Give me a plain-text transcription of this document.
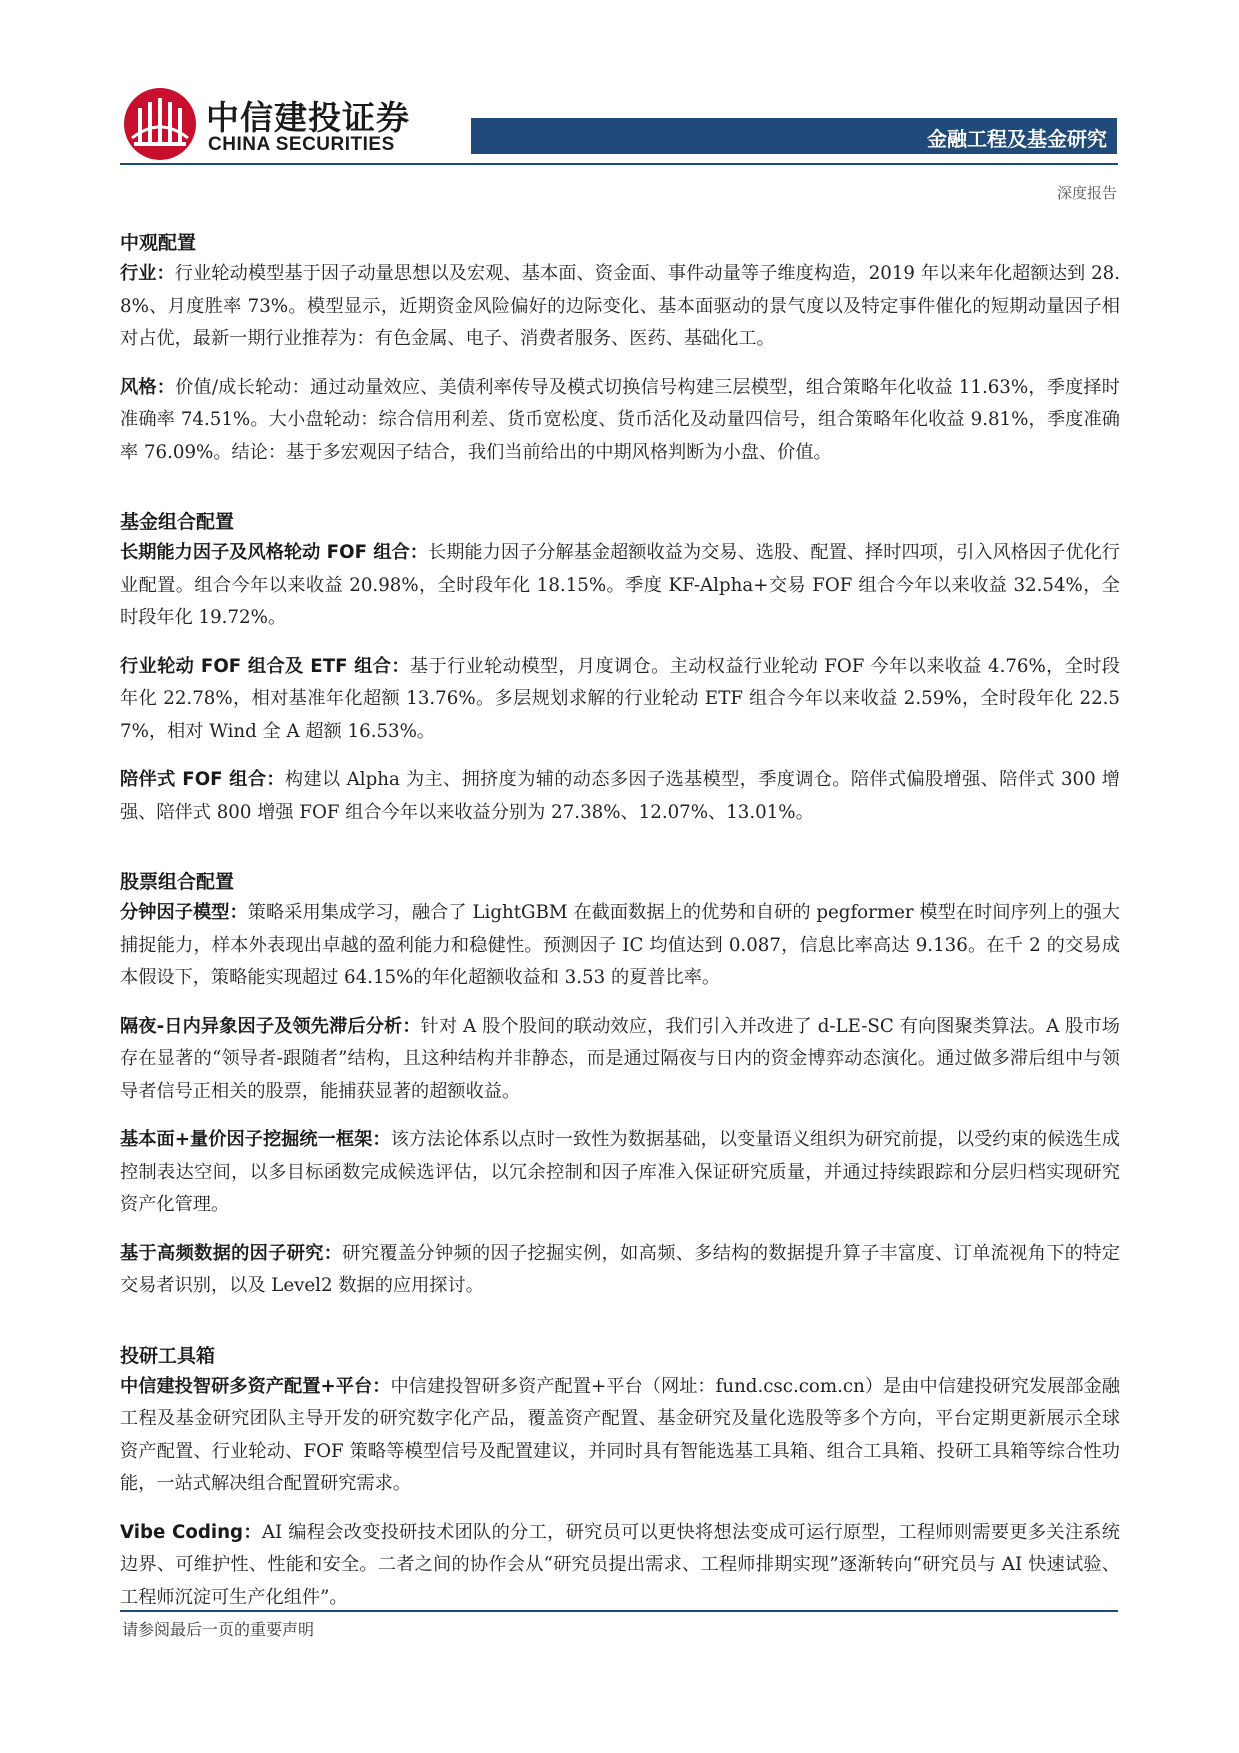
中信建投证券
CHINA SECURITIES	金融工程及基金研究
深度报告
中观配置

行业：行业轮动模型基于因子动量思想以及宏观、基本面、资金面、事件动量等子维度构造，2019 年以来年化超额达到 28.8%、月度胜率 73%。模型显示，近期资金风险偏好的边际变化、基本面驱动的景气度以及特定事件催化的短期动量因子相对占优，最新一期行业推荐为：有色金属、电子、消费者服务、医药、基础化工。

风格：价值/成长轮动：通过动量效应、美债利率传导及模式切换信号构建三层模型，组合策略年化收益 11.63%，季度择时准确率 74.51%。大小盘轮动：综合信用利差、货币宽松度、货币活化及动量四信号，组合策略年化收益 9.81%，季度准确率 76.09%。结论：基于多宏观因子结合，我们当前给出的中期风格判断为小盘、价值。

基金组合配置

长期能力因子及风格轮动 FOF 组合：长期能力因子分解基金超额收益为交易、选股、配置、择时四项，引入风格因子优化行业配置。组合今年以来收益 20.98%，全时段年化 18.15%。季度 KF-Alpha+交易 FOF 组合今年以来收益 32.54%，全时段年化 19.72%。

行业轮动 FOF 组合及 ETF 组合：基于行业轮动模型，月度调仓。主动权益行业轮动 FOF 今年以来收益 4.76%，全时段年化 22.78%，相对基准年化超额 13.76%。多层规划求解的行业轮动 ETF 组合今年以来收益 2.59%，全时段年化 22.57%，相对 Wind 全 A 超额 16.53%。

陪伴式 FOF 组合：构建以 Alpha 为主、拥挤度为辅的动态多因子选基模型，季度调仓。陪伴式偏股增强、陪伴式 300 增强、陪伴式 800 增强 FOF 组合今年以来收益分别为 27.38%、12.07%、13.01%。

股票组合配置

分钟因子模型：策略采用集成学习，融合了 LightGBM 在截面数据上的优势和自研的 pegformer 模型在时间序列上的强大捕捉能力，样本外表现出卓越的盈利能力和稳健性。预测因子 IC 均值达到 0.087，信息比率高达 9.136。在千 2 的交易成本假设下，策略能实现超过 64.15%的年化超额收益和 3.53 的夏普比率。

隔夜-日内异象因子及领先滞后分析：针对 A 股个股间的联动效应，我们引入并改进了 d-LE-SC 有向图聚类算法。A 股市场存在显著的“领导者-跟随者”结构，且这种结构并非静态，而是通过隔夜与日内的资金博弈动态演化。通过做多滞后组中与领导者信号正相关的股票，能捕获显著的超额收益。

基本面+量价因子挖掘统一框架：该方法论体系以点时一致性为数据基础，以变量语义组织为研究前提，以受约束的候选生成控制表达空间，以多目标函数完成候选评估，以冗余控制和因子库准入保证研究质量，并通过持续跟踪和分层归档实现研究资产化管理。

基于高频数据的因子研究：研究覆盖分钟频的因子挖掘实例，如高频、多结构的数据提升算子丰富度、订单流视角下的特定交易者识别，以及 Level2 数据的应用探讨。

投研工具箱

中信建投智研多资产配置+平台：中信建投智研多资产配置+平台（网址：fund.csc.com.cn）是由中信建投研究发展部金融工程及基金研究团队主导开发的研究数字化产品，覆盖资产配置、基金研究及量化选股等多个方向，平台定期更新展示全球资产配置、行业轮动、FOF 策略等模型信号及配置建议，并同时具有智能选基工具箱、组合工具箱、投研工具箱等综合性功能，一站式解决组合配置研究需求。

Vibe Coding：AI 编程会改变投研技术团队的分工，研究员可以更快将想法变成可运行原型，工程师则需要更多关注系统边界、可维护性、性能和安全。二者之间的协作会从“研究员提出需求、工程师排期实现”逐渐转向“研究员与 AI 快速试验、工程师沉淀可生产化组件”。

请参阅最后一页的重要声明
